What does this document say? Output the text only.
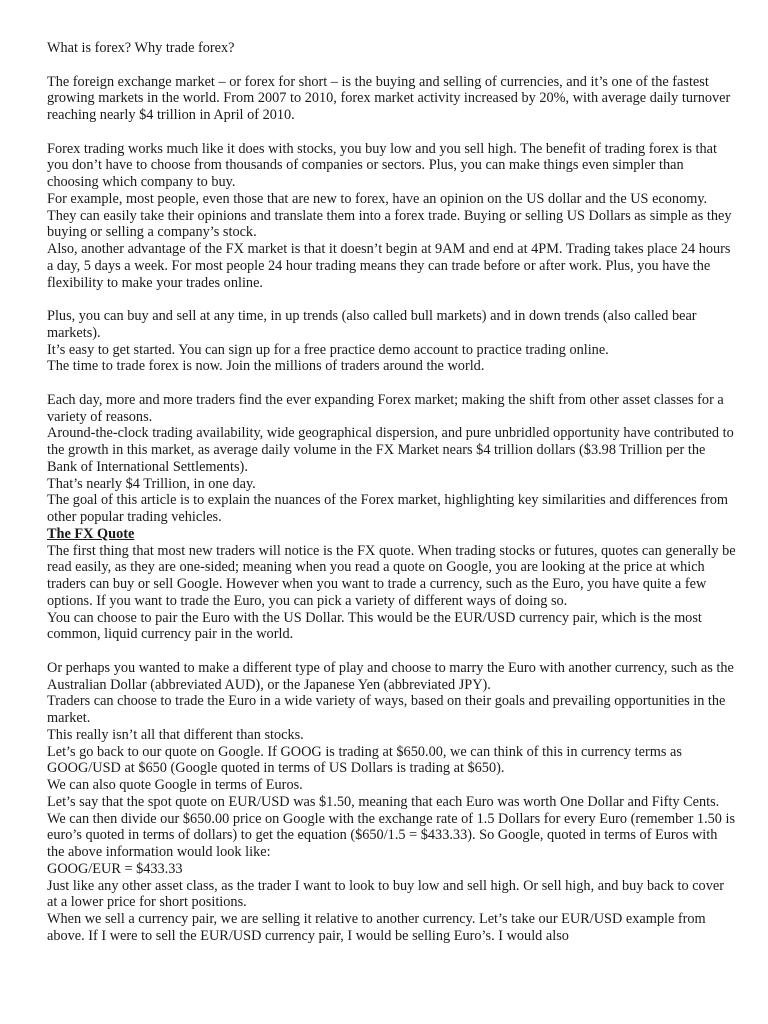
What is forex? Why trade forex?

The foreign exchange market – or forex for short – is the buying and selling of currencies, and it’s one of the fastest growing markets in the world. From 2007 to 2010, forex market activity increased by 20%, with average daily turnover reaching nearly $4 trillion in April of 2010.

Forex trading works much like it does with stocks, you buy low and you sell high. The benefit of trading forex is that you don’t have to choose from thousands of companies or sectors. Plus, you can make things even simpler than choosing which company to buy.

For example, most people, even those that are new to forex, have an opinion on the US dollar and the US economy. They can easily take their opinions and translate them into a forex trade. Buying or selling US Dollars as simple as they buying or selling a company’s stock.

Also, another advantage of the FX market is that it doesn’t begin at 9AM and end at 4PM. Trading takes place 24 hours a day, 5 days a week. For most people 24 hour trading means they can trade before or after work. Plus, you have the flexibility to make your trades online.

Plus, you can buy and sell at any time, in up trends (also called bull markets) and in down trends (also called bear markets).

It’s easy to get started. You can sign up for a free practice demo account to practice trading online.

The time to trade forex is now. Join the millions of traders around the world.

Each day, more and more traders find the ever expanding Forex market; making the shift from other asset classes for a variety of reasons.

Around-the-clock trading availability, wide geographical dispersion, and pure unbridled opportunity have contributed to the growth in this market, as average daily volume in the FX Market nears $4 trillion dollars ($3.98 Trillion per the Bank of International Settlements).

That’s nearly $4 Trillion, in one day.

The goal of this article is to explain the nuances of the Forex market, highlighting key similarities and differences from other popular trading vehicles.

The FX Quote

The first thing that most new traders will notice is the FX quote. When trading stocks or futures, quotes can generally be read easily, as they are one-sided; meaning when you read a quote on Google, you are looking at the price at which traders can buy or sell Google. However when you want to trade a currency, such as the Euro, you have quite a few options. If you want to trade the Euro, you can pick a variety of different ways of doing so.

You can choose to pair the Euro with the US Dollar. This would be the EUR/USD currency pair, which is the most common, liquid currency pair in the world.

Or perhaps you wanted to make a different type of play and choose to marry the Euro with another currency, such as the Australian Dollar (abbreviated AUD), or the Japanese Yen (abbreviated JPY).

Traders can choose to trade the Euro in a wide variety of ways, based on their goals and prevailing opportunities in the market.

This really isn’t all that different than stocks.

Let’s go back to our quote on Google. If GOOG is trading at $650.00, we can think of this in currency terms as GOOG/USD at $650 (Google quoted in terms of US Dollars is trading at $650).

We can also quote Google in terms of Euros.

Let’s say that the spot quote on EUR/USD was $1.50, meaning that each Euro was worth One Dollar and Fifty Cents. We can then divide our $650.00 price on Google with the exchange rate of 1.5 Dollars for every Euro (remember 1.50 is euro’s quoted in terms of dollars) to get the equation ($650/1.5 = $433.33). So Google, quoted in terms of Euros with the above information would look like:

GOOG/EUR = $433.33

Just like any other asset class, as the trader I want to look to buy low and sell high. Or sell high, and buy back to cover at a lower price for short positions.

When we sell a currency pair, we are selling it relative to another currency. Let’s take our EUR/USD example from above. If I were to sell the EUR/USD currency pair, I would be selling Euro’s. I would also
